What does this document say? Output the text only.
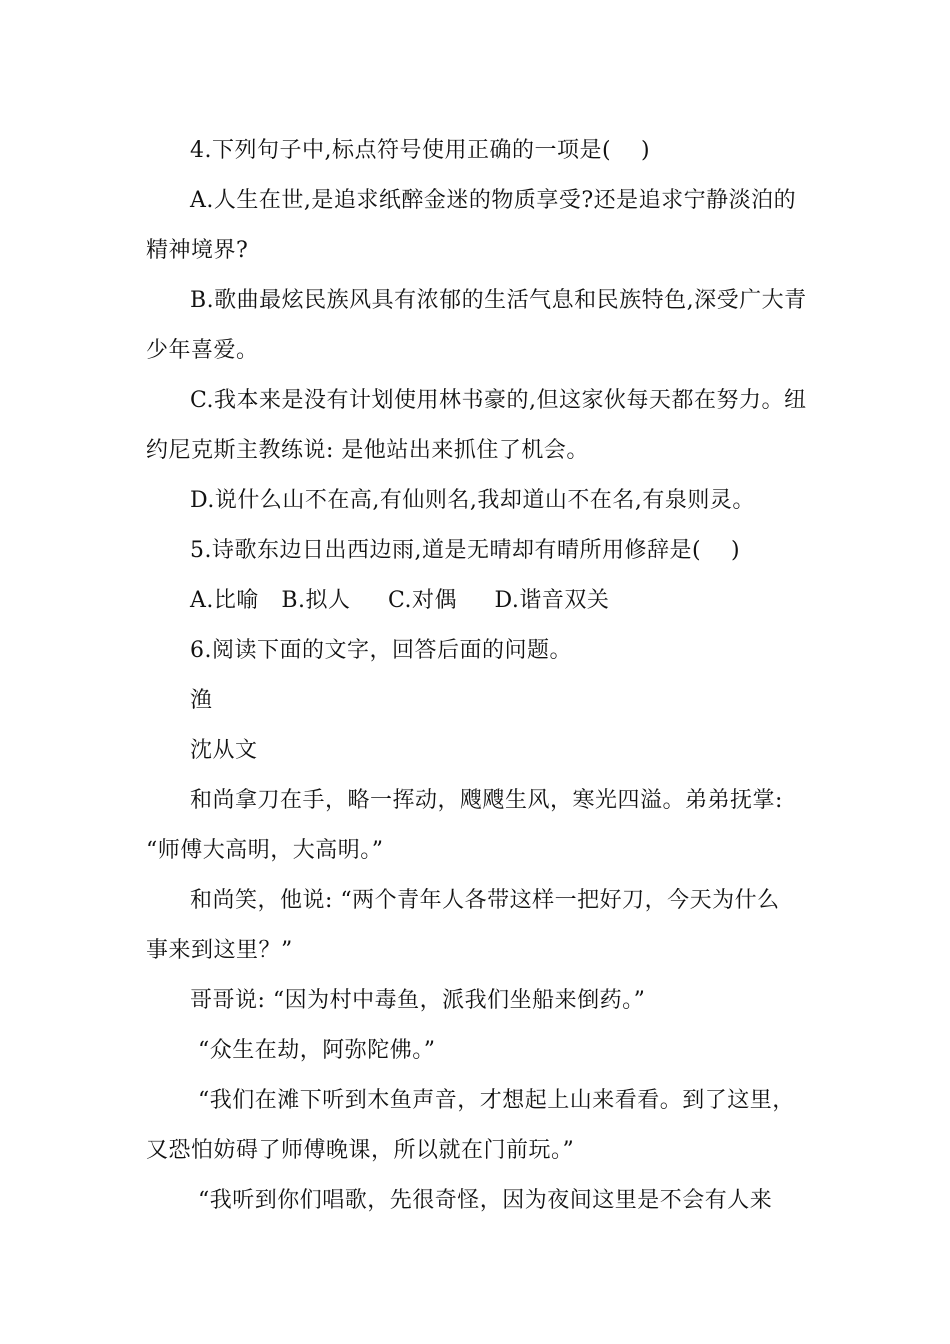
4.下列句子中,标点符号使用正确的一项是(    )
A.人生在世,是追求纸醉金迷的物质享受?还是追求宁静淡泊的
精神境界?
B.歌曲最炫民族风具有浓郁的生活气息和民族特色,深受广大青
少年喜爱。
C.我本来是没有计划使用林书豪的,但这家伙每天都在努力。纽
约尼克斯主教练说: 是他站出来抓住了机会。
D.说什么山不在高,有仙则名,我却道山不在名,有泉则灵。
5.诗歌东边日出西边雨,道是无晴却有晴所用修辞是(    )
A.比喻   B.拟人     C.对偶     D.谐音双关
6.阅读下面的文字，回答后面的问题。
渔
沈从文
和尚拿刀在手，略一挥动，飕飕生风，寒光四溢。弟弟抚掌:
“师傅大高明，大高明。”
和尚笑，他说: “两个青年人各带这样一把好刀，今天为什么
事来到这里？”
哥哥说: “因为村中毒鱼，派我们坐船来倒药。”
“众生在劫，阿弥陀佛。”
“我们在滩下听到木鱼声音，才想起上山来看看。到了这里，
又恐怕妨碍了师傅晚课，所以就在门前玩。”
“我听到你们唱歌，先很奇怪，因为夜间这里是不会有人来
